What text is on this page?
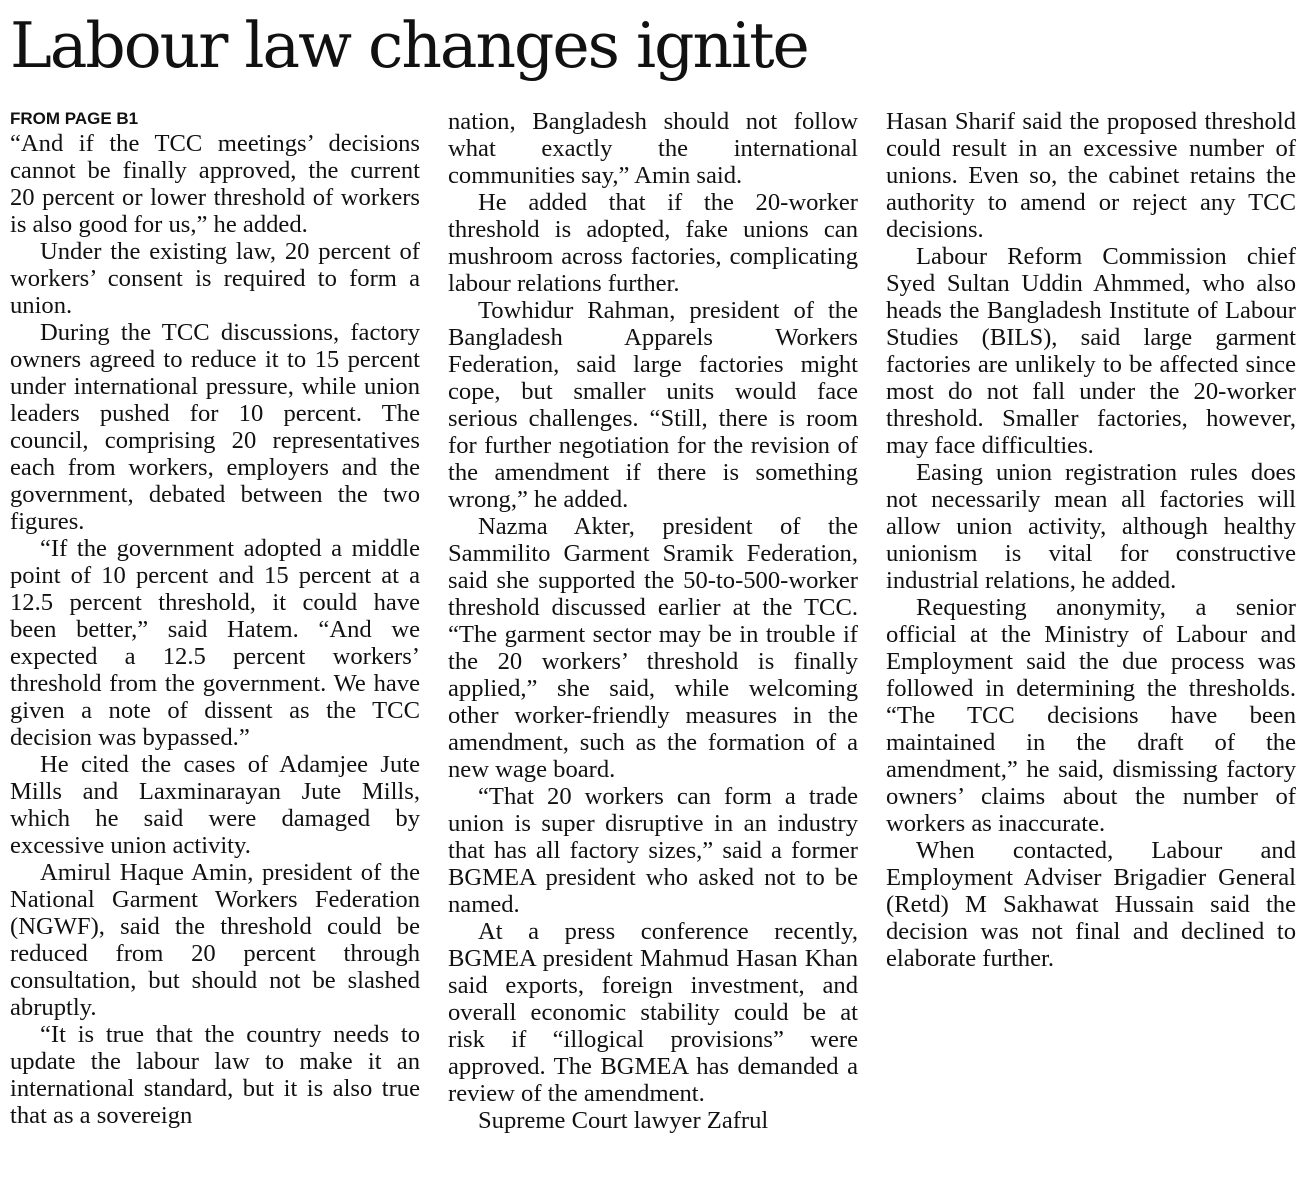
Labour law changes ignite
FROM PAGE B1

“And if the TCC meetings’ decisions cannot be finally approved, the current 20 percent or lower threshold of workers is also good for us,” he added.

Under the existing law, 20 percent of workers’ consent is required to form a union.

During the TCC discussions, factory owners agreed to reduce it to 15 percent under international pressure, while union leaders pushed for 10 percent. The council, comprising 20 representatives each from workers, employers and the government, debated between the two figures.

“If the government adopted a middle point of 10 percent and 15 percent at a 12.5 percent threshold, it could have been better,” said Hatem. “And we expected a 12.5 percent workers’ threshold from the government. We have given a note of dissent as the TCC decision was bypassed.”

He cited the cases of Adamjee Jute Mills and Laxminarayan Jute Mills, which he said were damaged by excessive union activity.

Amirul Haque Amin, president of the National Garment Workers Federation (NGWF), said the threshold could be reduced from 20 percent through consultation, but should not be slashed abruptly.

“It is true that the country needs to update the labour law to make it an international standard, but it is also true that as a sovereign

nation, Bangladesh should not follow what exactly the international communities say,” Amin said.

He added that if the 20-worker threshold is adopted, fake unions can mushroom across factories, complicating labour relations further.

Towhidur Rahman, president of the Bangladesh Apparels Workers Federation, said large factories might cope, but smaller units would face serious challenges. “Still, there is room for further negotiation for the revision of the amendment if there is something wrong,” he added.

Nazma Akter, president of the Sammilito Garment Sramik Federation, said she supported the 50-to-500-worker threshold discussed earlier at the TCC. “The garment sector may be in trouble if the 20 workers’ threshold is finally applied,” she said, while welcoming other worker-friendly measures in the amendment, such as the formation of a new wage board.

“That 20 workers can form a trade union is super disruptive in an industry that has all factory sizes,” said a former BGMEA president who asked not to be named.

At a press conference recently, BGMEA president Mahmud Hasan Khan said exports, foreign investment, and overall economic stability could be at risk if “illogical provisions” were approved. The BGMEA has demanded a review of the amendment.

Supreme Court lawyer Zafrul

Hasan Sharif said the proposed threshold could result in an excessive number of unions. Even so, the cabinet retains the authority to amend or reject any TCC decisions.

Labour Reform Commission chief Syed Sultan Uddin Ahmmed, who also heads the Bangladesh Institute of Labour Studies (BILS), said large garment factories are unlikely to be affected since most do not fall under the 20-worker threshold. Smaller factories, however, may face difficulties.

Easing union registration rules does not necessarily mean all factories will allow union activity, although healthy unionism is vital for constructive industrial relations, he added.

Requesting anonymity, a senior official at the Ministry of Labour and Employment said the due process was followed in determining the thresholds. “The TCC decisions have been maintained in the draft of the amendment,” he said, dismissing factory owners’ claims about the number of workers as inaccurate.

When contacted, Labour and Employment Adviser Brigadier General (Retd) M Sakhawat Hussain said the decision was not final and declined to elaborate further.
